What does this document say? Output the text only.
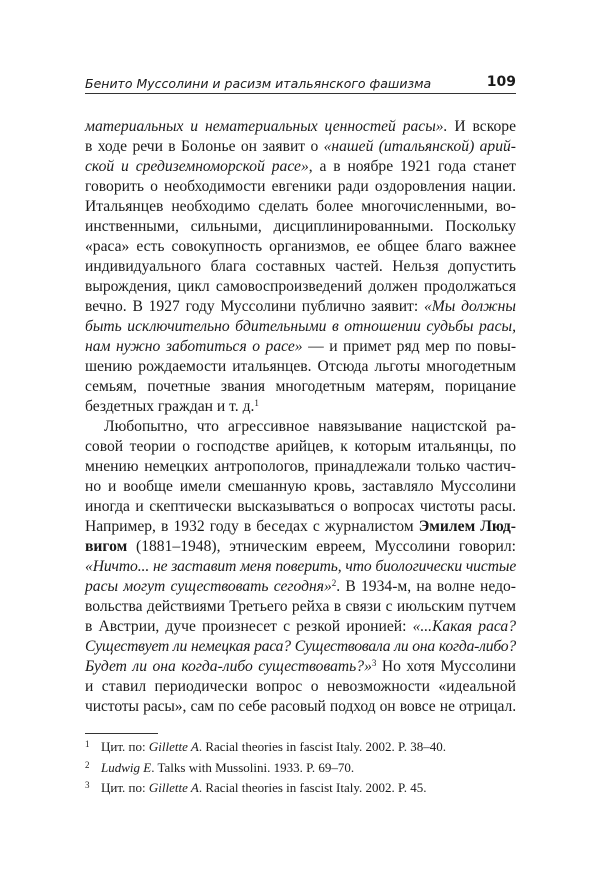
Бенито Муссолини и расизм итальянского фашизма	109
материальных и нематериальных ценностей расы». И вскоре
в ходе речи в Болонье он заявит о «нашей (итальянской) арий-
ской и средиземноморской расе», а в ноябре 1921 года станет
говорить о необходимости евгеники ради оздоровления нации.
Итальянцев необходимо сделать более многочисленными, во-
инственными, сильными, дисциплинированными. Поскольку
«раса» есть совокупность организмов, ее общее благо важнее
индивидуального блага составных частей. Нельзя допустить
вырождения, цикл самовоспроизведений должен продолжаться
вечно. В 1927 году Муссолини публично заявит: «Мы должны
быть исключительно бдительными в отношении судьбы расы,
нам нужно заботиться о расе» — и примет ряд мер по повы-
шению рождаемости итальянцев. Отсюда льготы многодетным
семьям, почетные звания многодетным матерям, порицание
бездетных граждан и т. д.$^1$
Любопытно, что агрессивное навязывание нацистской ра-
совой теории о господстве арийцев, к которым итальянцы, по
мнению немецких антропологов, принадлежали только частич-
но и вообще имели смешанную кровь, заставляло Муссолини
иногда и скептически высказываться о вопросах чистоты расы.
Например, в 1932 году в беседах с журналистом Эмилем Люд-
вигом (1881–1948), этническим евреем, Муссолини говорил:
«Ничто... не заставит меня поверить, что биологически чистые
расы могут существовать сегодня»$^2$. В 1934-м, на волне недо-
вольства действиями Третьего рейха в связи с июльским путчем
в Австрии, дуче произнесет с резкой иронией: «...Какая раса?
Существует ли немецкая раса? Существовала ли она когда-либо?
Будет ли она когда-либо существовать?»$^3$ Но хотя Муссолини
и ставил периодически вопрос о невозможности «идеальной
чистоты расы», сам по себе расовый подход он вовсе не отрицал.
1 Цит. по: Gillette A. Racial theories in fascist Italy. 2002. P. 38–40.
2 Ludwig E. Talks with Mussolini. 1933. P. 69–70.
3 Цит. по: Gillette A. Racial theories in fascist Italy. 2002. P. 45.
